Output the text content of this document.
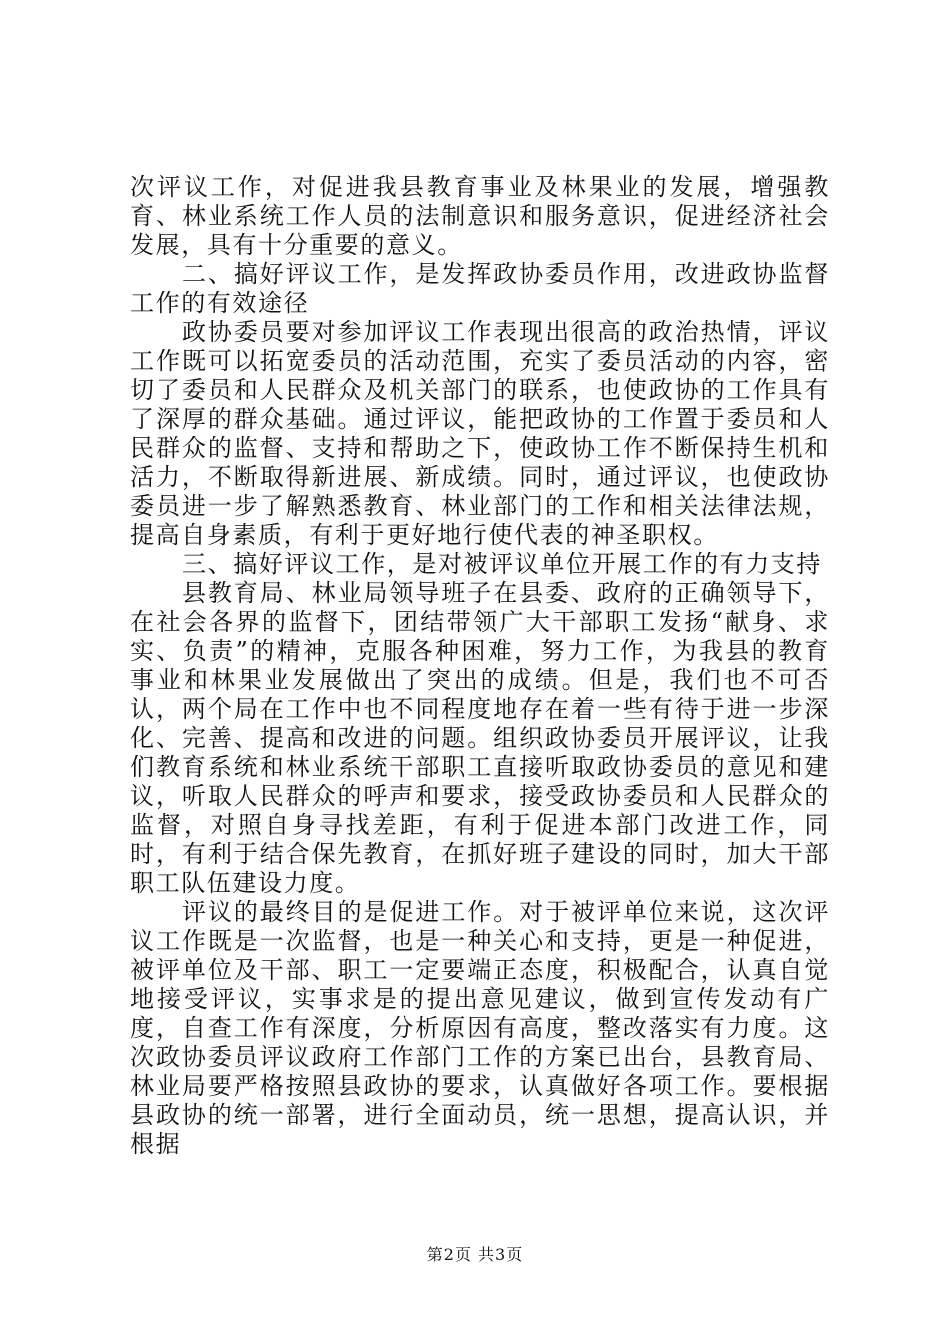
次评议工作，对促进我县教育事业及林果业的发展，增强教育、林业系统工作人员的法制意识和服务意识，促进经济社会发展，具有十分重要的意义。

二、搞好评议工作，是发挥政协委员作用，改进政协监督工作的有效途径

政协委员要对参加评议工作表现出很高的政治热情，评议工作既可以拓宽委员的活动范围，充实了委员活动的内容，密切了委员和人民群众及机关部门的联系，也使政协的工作具有了深厚的群众基础。通过评议，能把政协的工作置于委员和人民群众的监督、支持和帮助之下，使政协工作不断保持生机和活力，不断取得新进展、新成绩。同时，通过评议，也使政协委员进一步了解熟悉教育、林业部门的工作和相关法律法规，提高自身素质，有利于更好地行使代表的神圣职权。

三、搞好评议工作，是对被评议单位开展工作的有力支持

县教育局、林业局领导班子在县委、政府的正确领导下，在社会各界的监督下，团结带领广大干部职工发扬“献身、求实、负责”的精神，克服各种困难，努力工作，为我县的教育事业和林果业发展做出了突出的成绩。但是，我们也不可否认，两个局在工作中也不同程度地存在着一些有待于进一步深化、完善、提高和改进的问题。组织政协委员开展评议，让我们教育系统和林业系统干部职工直接听取政协委员的意见和建议，听取人民群众的呼声和要求，接受政协委员和人民群众的监督，对照自身寻找差距，有利于促进本部门改进工作，同时，有利于结合保先教育，在抓好班子建设的同时，加大干部职工队伍建设力度。

评议的最终目的是促进工作。对于被评单位来说，这次评议工作既是一次监督，也是一种关心和支持，更是一种促进，被评单位及干部、职工一定要端正态度，积极配合，认真自觉地接受评议，实事求是的提出意见建议，做到宣传发动有广度，自查工作有深度，分析原因有高度，整改落实有力度。这次政协委员评议政府工作部门工作的方案已出台，县教育局、林业局要严格按照县政协的要求，认真做好各项工作。要根据县政协的统一部署，进行全面动员，统一思想，提高认识，并根据

第2页 共3页
